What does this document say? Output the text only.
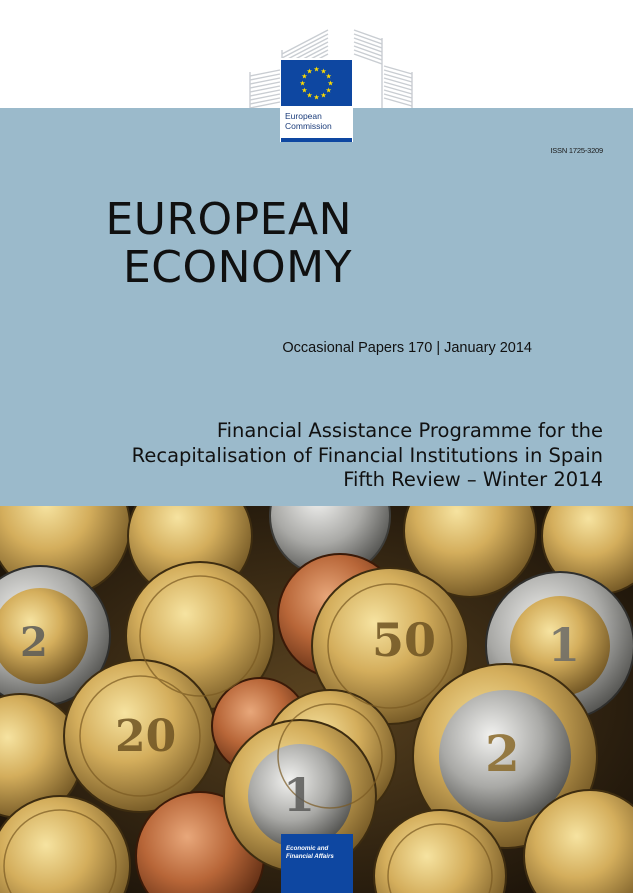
★ ★
★
★
★
★
★
★
★
★
★
★
European
Commission
ISSN 1725-3209
EUROPEAN
ECONOMY
Occasional Papers 170 | January 2014
Financial Assistance Programme for the
Recapitalisation of Financial Institutions in Spain
Fifth Review – Winter 2014
50
20
2
2
1
1
Economic and
Financial Affairs
